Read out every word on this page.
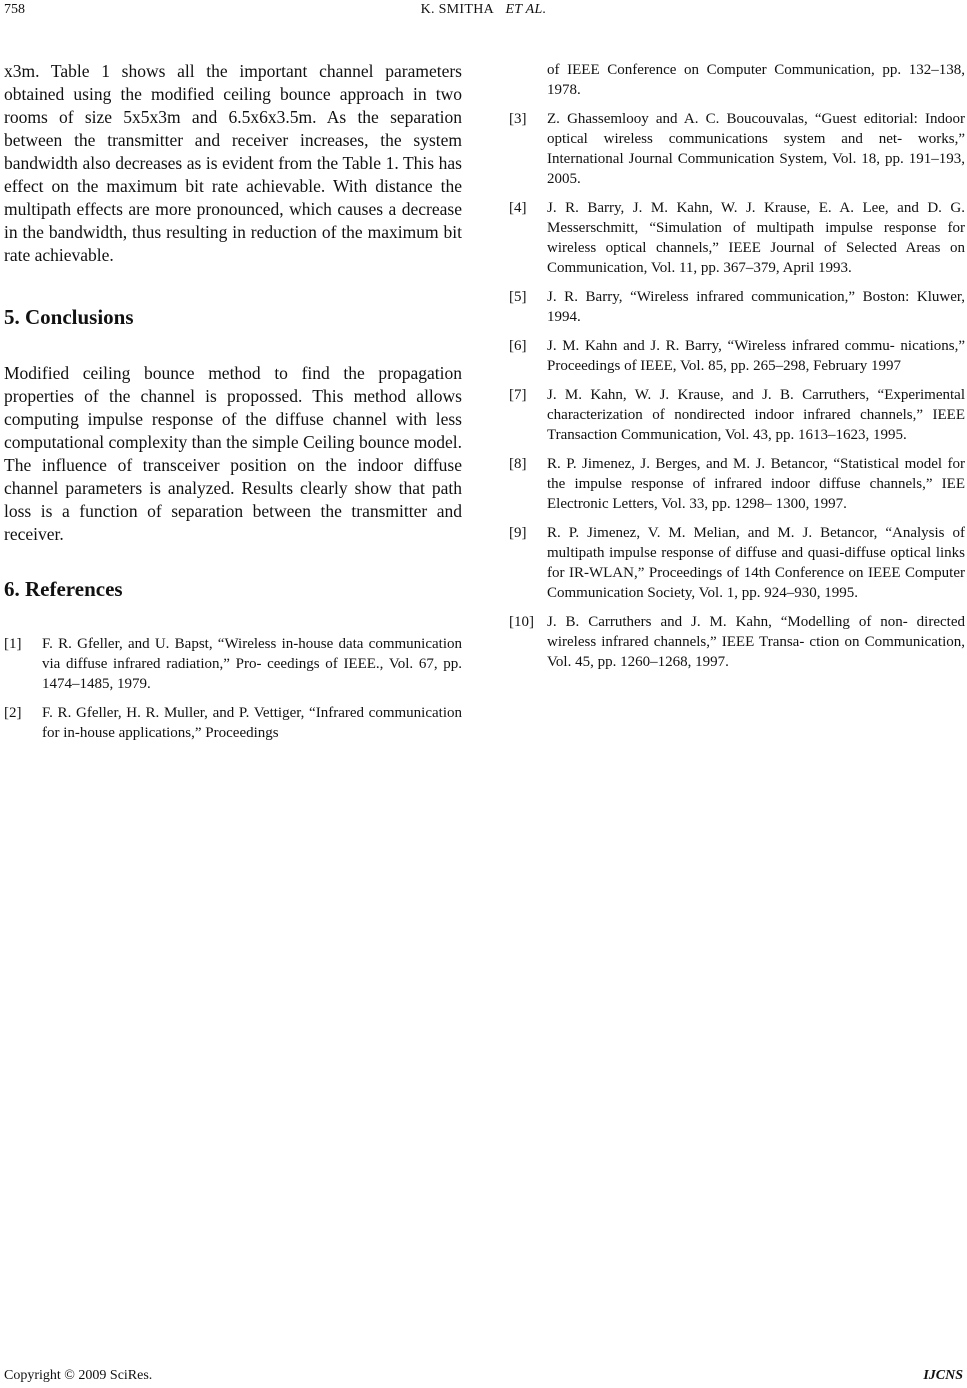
758	K. SMITHA ET AL.

x3m. Table 1 shows all the important channel parameters obtained using the modified ceiling bounce approach in two rooms of size 5x5x3m and 6.5x6x3.5m. As the separation between the transmitter and receiver increases, the system bandwidth also decreases as is evident from the Table 1. This has effect on the maximum bit rate achievable. With distance the multipath effects are more pronounced, which causes a decrease in the bandwidth, thus resulting in reduction of the maximum bit rate achievable.

5. Conclusions

Modified ceiling bounce method to find the propagation properties of the channel is propossed. This method allows computing impulse response of the diffuse channel with less computational complexity than the simple Ceiling bounce model. The influence of transceiver position on the indoor diffuse channel parameters is analyzed. Results clearly show that path loss is a function of separation between the transmitter and receiver.

6. References
[1]	F. R. Gfeller, and U. Bapst, “Wireless in-house data communication via diffuse infrared radiation,” Pro- ceedings of IEEE., Vol. 67, pp. 1474–1485, 1979.
[2]	F. R. Gfeller, H. R. Muller, and P. Vettiger, “Infrared communication for in-house applications,” Proceedings
of IEEE Conference on Computer Communication, pp. 132–138, 1978.
[3]	Z. Ghassemlooy and A. C. Boucouvalas, “Guest editorial: Indoor optical wireless communications system and net- works,” International Journal Communication System, Vol. 18, pp. 191–193, 2005.
[4]	J. R. Barry, J. M. Kahn, W. J. Krause, E. A. Lee, and D. G. Messerschmitt, “Simulation of multipath impulse response for wireless optical channels,” IEEE Journal of Selected Areas on Communication, Vol. 11, pp. 367–379, April 1993.
[5]	J. R. Barry, “Wireless infrared communication,” Boston: Kluwer, 1994.
[6]	J. M. Kahn and J. R. Barry, “Wireless infrared commu- nications,” Proceedings of IEEE, Vol. 85, pp. 265–298, February 1997
[7]	J. M. Kahn, W. J. Krause, and J. B. Carruthers, “Experimental characterization of nondirected indoor infrared channels,” IEEE Transaction Communication, Vol. 43, pp. 1613–1623, 1995.
[8]	R. P. Jimenez, J. Berges, and M. J. Betancor, “Statistical model for the impulse response of infrared indoor diffuse channels,” IEE Electronic Letters, Vol. 33, pp. 1298– 1300, 1997.
[9]	R. P. Jimenez, V. M. Melian, and M. J. Betancor, “Analysis of multipath impulse response of diffuse and quasi-diffuse optical links for IR-WLAN,” Proceedings of 14th Conference on IEEE Computer Communication Society, Vol. 1, pp. 924–930, 1995.
[10] J. B. Carruthers and J. M. Kahn, “Modelling of non- directed wireless infrared channels,” IEEE Transa- ction on Communication, Vol. 45, pp. 1260–1268, 1997.
Copyright © 2009 SciRes.	IJCNS
